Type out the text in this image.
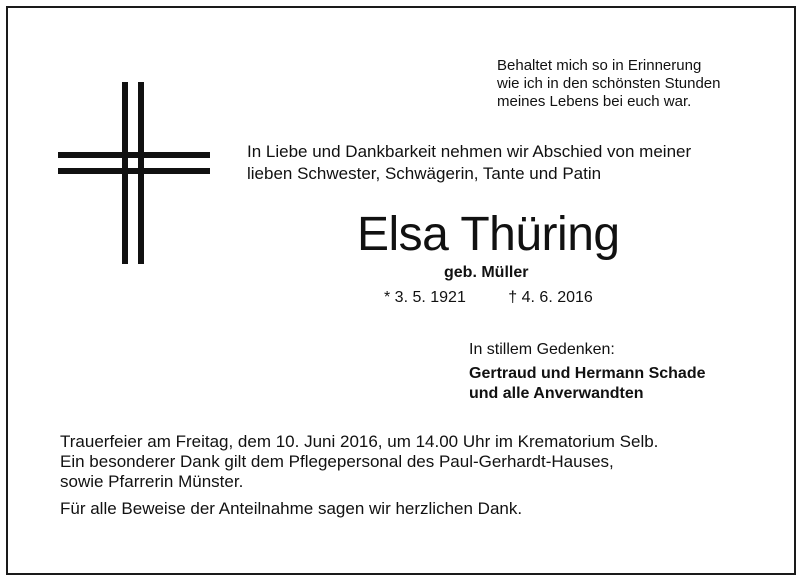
Behaltet mich so in Erinnerung
wie ich in den schönsten Stunden
meines Lebens bei euch war.
In Liebe und Dankbarkeit nehmen wir Abschied von meiner
lieben Schwester, Schwägerin, Tante und Patin
Elsa Thüring
geb. Müller
* 3. 5. 1921	† 4. 6. 2016
In stillem Gedenken:
Gertraud und Hermann Schade
und alle Anverwandten
Trauerfeier am Freitag, dem 10. Juni 2016, um 14.00 Uhr im Krematorium Selb.
Ein besonderer Dank gilt dem Pflegepersonal des Paul-Gerhardt-Hauses,
sowie Pfarrerin Münster.
Für alle Beweise der Anteilnahme sagen wir herzlichen Dank.
